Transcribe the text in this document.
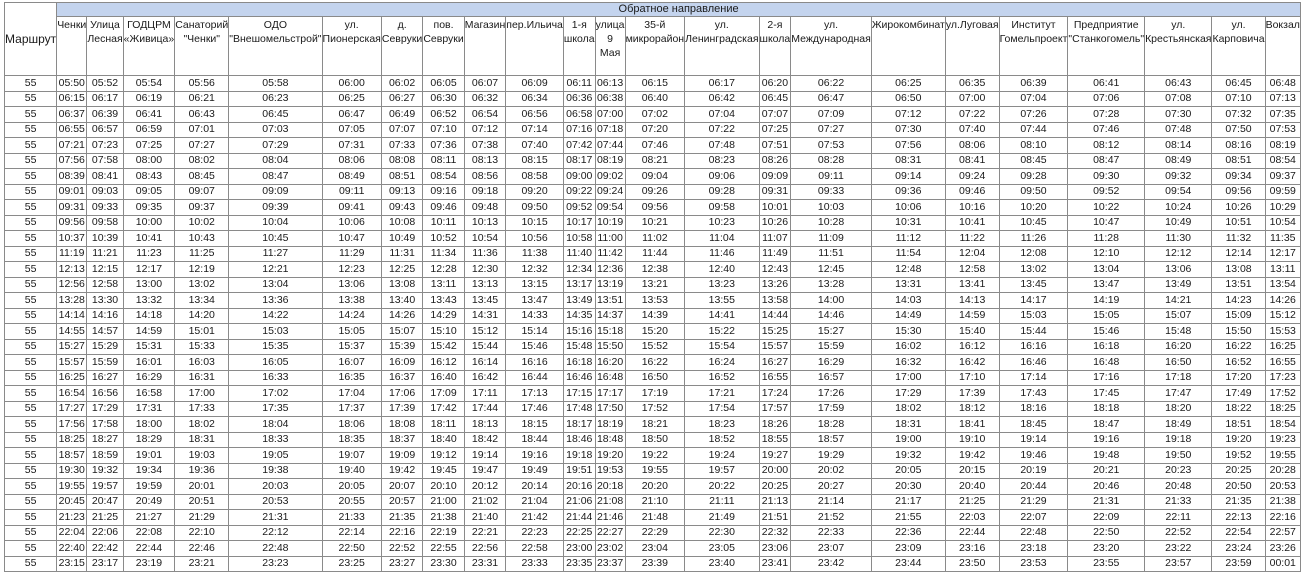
Маршрут	Обратное направление																						
	Ченки	Улица Лесная	ГОДЦРМ «Живица»	Санаторий "Ченки"	ОДО "Внешомельстрой"	ул. Пионерская	д. Севруки	пов. Севруки	Магазин	пер.Ильича	1-я школа	улица 9 Мая	35-й микрорайон	ул. Ленинградская	2-я школа	ул. Международная	Жирокомбинат	ул.Луговая	Институт Гомельпроект	Предприятие "Станкогомель"	ул. Крестьянская	ул. Карповича	Вокзал
55	05:50	05:52	05:54	05:56	05:58	06:00	06:02	06:05	06:07	06:09	06:11	06:13	06:15	06:17	06:20	06:22	06:25	06:35	06:39	06:41	06:43	06:45	06:48
55	06:15	06:17	06:19	06:21	06:23	06:25	06:27	06:30	06:32	06:34	06:36	06:38	06:40	06:42	06:45	06:47	06:50	07:00	07:04	07:06	07:08	07:10	07:13
55	06:37	06:39	06:41	06:43	06:45	06:47	06:49	06:52	06:54	06:56	06:58	07:00	07:02	07:04	07:07	07:09	07:12	07:22	07:26	07:28	07:30	07:32	07:35
55	06:55	06:57	06:59	07:01	07:03	07:05	07:07	07:10	07:12	07:14	07:16	07:18	07:20	07:22	07:25	07:27	07:30	07:40	07:44	07:46	07:48	07:50	07:53
55	07:21	07:23	07:25	07:27	07:29	07:31	07:33	07:36	07:38	07:40	07:42	07:44	07:46	07:48	07:51	07:53	07:56	08:06	08:10	08:12	08:14	08:16	08:19
55	07:56	07:58	08:00	08:02	08:04	08:06	08:08	08:11	08:13	08:15	08:17	08:19	08:21	08:23	08:26	08:28	08:31	08:41	08:45	08:47	08:49	08:51	08:54
55	08:39	08:41	08:43	08:45	08:47	08:49	08:51	08:54	08:56	08:58	09:00	09:02	09:04	09:06	09:09	09:11	09:14	09:24	09:28	09:30	09:32	09:34	09:37
55	09:01	09:03	09:05	09:07	09:09	09:11	09:13	09:16	09:18	09:20	09:22	09:24	09:26	09:28	09:31	09:33	09:36	09:46	09:50	09:52	09:54	09:56	09:59
55	09:31	09:33	09:35	09:37	09:39	09:41	09:43	09:46	09:48	09:50	09:52	09:54	09:56	09:58	10:01	10:03	10:06	10:16	10:20	10:22	10:24	10:26	10:29
55	09:56	09:58	10:00	10:02	10:04	10:06	10:08	10:11	10:13	10:15	10:17	10:19	10:21	10:23	10:26	10:28	10:31	10:41	10:45	10:47	10:49	10:51	10:54
55	10:37	10:39	10:41	10:43	10:45	10:47	10:49	10:52	10:54	10:56	10:58	11:00	11:02	11:04	11:07	11:09	11:12	11:22	11:26	11:28	11:30	11:32	11:35
55	11:19	11:21	11:23	11:25	11:27	11:29	11:31	11:34	11:36	11:38	11:40	11:42	11:44	11:46	11:49	11:51	11:54	12:04	12:08	12:10	12:12	12:14	12:17
55	12:13	12:15	12:17	12:19	12:21	12:23	12:25	12:28	12:30	12:32	12:34	12:36	12:38	12:40	12:43	12:45	12:48	12:58	13:02	13:04	13:06	13:08	13:11
55	12:56	12:58	13:00	13:02	13:04	13:06	13:08	13:11	13:13	13:15	13:17	13:19	13:21	13:23	13:26	13:28	13:31	13:41	13:45	13:47	13:49	13:51	13:54
55	13:28	13:30	13:32	13:34	13:36	13:38	13:40	13:43	13:45	13:47	13:49	13:51	13:53	13:55	13:58	14:00	14:03	14:13	14:17	14:19	14:21	14:23	14:26
55	14:14	14:16	14:18	14:20	14:22	14:24	14:26	14:29	14:31	14:33	14:35	14:37	14:39	14:41	14:44	14:46	14:49	14:59	15:03	15:05	15:07	15:09	15:12
55	14:55	14:57	14:59	15:01	15:03	15:05	15:07	15:10	15:12	15:14	15:16	15:18	15:20	15:22	15:25	15:27	15:30	15:40	15:44	15:46	15:48	15:50	15:53
55	15:27	15:29	15:31	15:33	15:35	15:37	15:39	15:42	15:44	15:46	15:48	15:50	15:52	15:54	15:57	15:59	16:02	16:12	16:16	16:18	16:20	16:22	16:25
55	15:57	15:59	16:01	16:03	16:05	16:07	16:09	16:12	16:14	16:16	16:18	16:20	16:22	16:24	16:27	16:29	16:32	16:42	16:46	16:48	16:50	16:52	16:55
55	16:25	16:27	16:29	16:31	16:33	16:35	16:37	16:40	16:42	16:44	16:46	16:48	16:50	16:52	16:55	16:57	17:00	17:10	17:14	17:16	17:18	17:20	17:23
55	16:54	16:56	16:58	17:00	17:02	17:04	17:06	17:09	17:11	17:13	17:15	17:17	17:19	17:21	17:24	17:26	17:29	17:39	17:43	17:45	17:47	17:49	17:52
55	17:27	17:29	17:31	17:33	17:35	17:37	17:39	17:42	17:44	17:46	17:48	17:50	17:52	17:54	17:57	17:59	18:02	18:12	18:16	18:18	18:20	18:22	18:25
55	17:56	17:58	18:00	18:02	18:04	18:06	18:08	18:11	18:13	18:15	18:17	18:19	18:21	18:23	18:26	18:28	18:31	18:41	18:45	18:47	18:49	18:51	18:54
55	18:25	18:27	18:29	18:31	18:33	18:35	18:37	18:40	18:42	18:44	18:46	18:48	18:50	18:52	18:55	18:57	19:00	19:10	19:14	19:16	19:18	19:20	19:23
55	18:57	18:59	19:01	19:03	19:05	19:07	19:09	19:12	19:14	19:16	19:18	19:20	19:22	19:24	19:27	19:29	19:32	19:42	19:46	19:48	19:50	19:52	19:55
55	19:30	19:32	19:34	19:36	19:38	19:40	19:42	19:45	19:47	19:49	19:51	19:53	19:55	19:57	20:00	20:02	20:05	20:15	20:19	20:21	20:23	20:25	20:28
55	19:55	19:57	19:59	20:01	20:03	20:05	20:07	20:10	20:12	20:14	20:16	20:18	20:20	20:22	20:25	20:27	20:30	20:40	20:44	20:46	20:48	20:50	20:53
55	20:45	20:47	20:49	20:51	20:53	20:55	20:57	21:00	21:02	21:04	21:06	21:08	21:10	21:11	21:13	21:14	21:17	21:25	21:29	21:31	21:33	21:35	21:38
55	21:23	21:25	21:27	21:29	21:31	21:33	21:35	21:38	21:40	21:42	21:44	21:46	21:48	21:49	21:51	21:52	21:55	22:03	22:07	22:09	22:11	22:13	22:16
55	22:04	22:06	22:08	22:10	22:12	22:14	22:16	22:19	22:21	22:23	22:25	22:27	22:29	22:30	22:32	22:33	22:36	22:44	22:48	22:50	22:52	22:54	22:57
55	22:40	22:42	22:44	22:46	22:48	22:50	22:52	22:55	22:56	22:58	23:00	23:02	23:04	23:05	23:06	23:07	23:09	23:16	23:18	23:20	23:22	23:24	23:26
55	23:15	23:17	23:19	23:21	23:23	23:25	23:27	23:30	23:31	23:33	23:35	23:37	23:39	23:40	23:41	23:42	23:44	23:50	23:53	23:55	23:57	23:59	00:01
